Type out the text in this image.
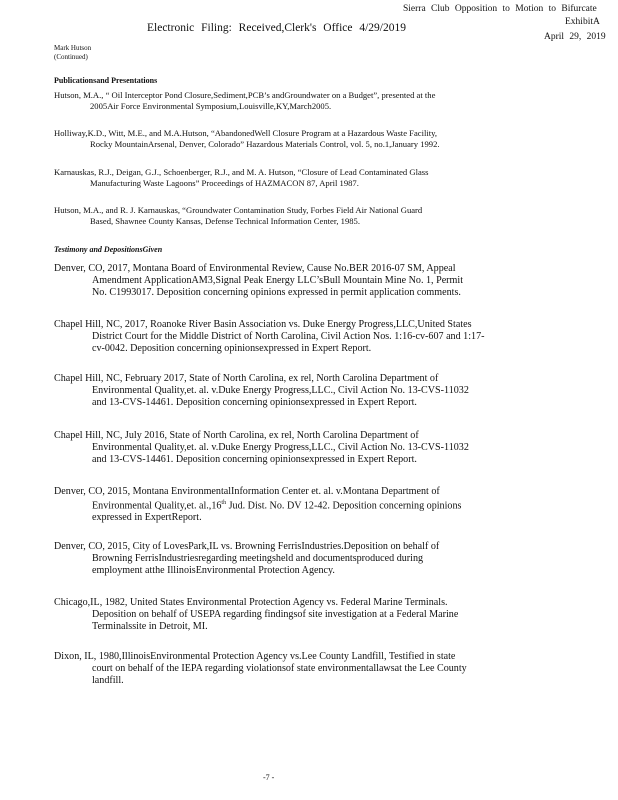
Electronic Filing: Received,Clerk's Office 4/29/2019
Sierra Club Opposition to Motion to Bifurcate
ExhibitA
April 29, 2019
Mark Hutson
(Continued)
Publicationsand Presentations
Hutson, M.A., “ Oil Interceptor Pond Closure,Sediment,PCB’s andGroundwater on a Budget”, presented at the
2005Air Force Environmental Symposium,Louisville,KY,March2005.
Holliway,K.D., Witt, M.E., and M.A.Hutson, “AbandonedWell Closure Program at a Hazardous Waste Facility,
Rocky MountainArsenal, Denver, Colorado” Hazardous Materials Control, vol. 5, no.1,January 1992.
Karnauskas, R.J., Deigan, G.J., Schoenberger, R.J., and M. A. Hutson, “Closure of Lead Contaminated Glass
Manufacturing Waste Lagoons” Proceedings of HAZMACON 87, April 1987.
Hutson, M.A., and R. J. Karnauskas, “Groundwater Contamination Study, Forbes Field Air National Guard
Based, Shawnee County Kansas, Defense Technical Information Center, 1985.
Testimony and DepositionsGiven
Denver, CO, 2017, Montana Board of Environmental Review, Cause No.BER 2016-07 SM, Appeal
Amendment ApplicationAM3,Signal Peak Energy LLC’sBull Mountain Mine No. 1, Permit
No. C1993017. Deposition concerning opinions expressed in permit application comments.
Chapel Hill, NC, 2017, Roanoke River Basin Association vs. Duke Energy Progress,LLC,United States
District Court for the Middle District of North Carolina, Civil Action Nos. 1:16-cv-607 and 1:17-
cv-0042. Deposition concerning opinionsexpressed in Expert Report.
Chapel Hill, NC, February 2017, State of North Carolina, ex rel, North Carolina Department of
Environmental Quality,et. al. v.Duke Energy Progress,LLC., Civil Action No. 13-CVS-11032
and 13-CVS-14461. Deposition concerning opinionsexpressed in Expert Report.
Chapel Hill, NC, July 2016, State of North Carolina, ex rel, North Carolina Department of
Environmental Quality,et. al. v.Duke Energy Progress,LLC., Civil Action No. 13-CVS-11032
and 13-CVS-14461. Deposition concerning opinionsexpressed in Expert Report.
Denver, CO, 2015, Montana EnvironmentalInformation Center et. al. v.Montana Department of
Environmental Quality,et. al.,16th Jud. Dist. No. DV 12-42. Deposition concerning opinions
expressed in ExpertReport.
Denver, CO, 2015, City of LovesPark,IL vs. Browning FerrisIndustries.Deposition on behalf of
Browning FerrisIndustriesregarding meetingsheld and documentsproduced during
employment atthe IllinoisEnvironmental Protection Agency.
Chicago,IL, 1982, United States Environmental Protection Agency vs. Federal Marine Terminals.
Deposition on behalf of USEPA regarding findingsof site investigation at a Federal Marine
Terminalssite in Detroit, MI.
Dixon, IL, 1980,IllinoisEnvironmental Protection Agency vs.Lee County Landfill, Testified in state
court on behalf of the IEPA regarding violationsof state environmentallawsat the Lee County
landfill.
-7 -
